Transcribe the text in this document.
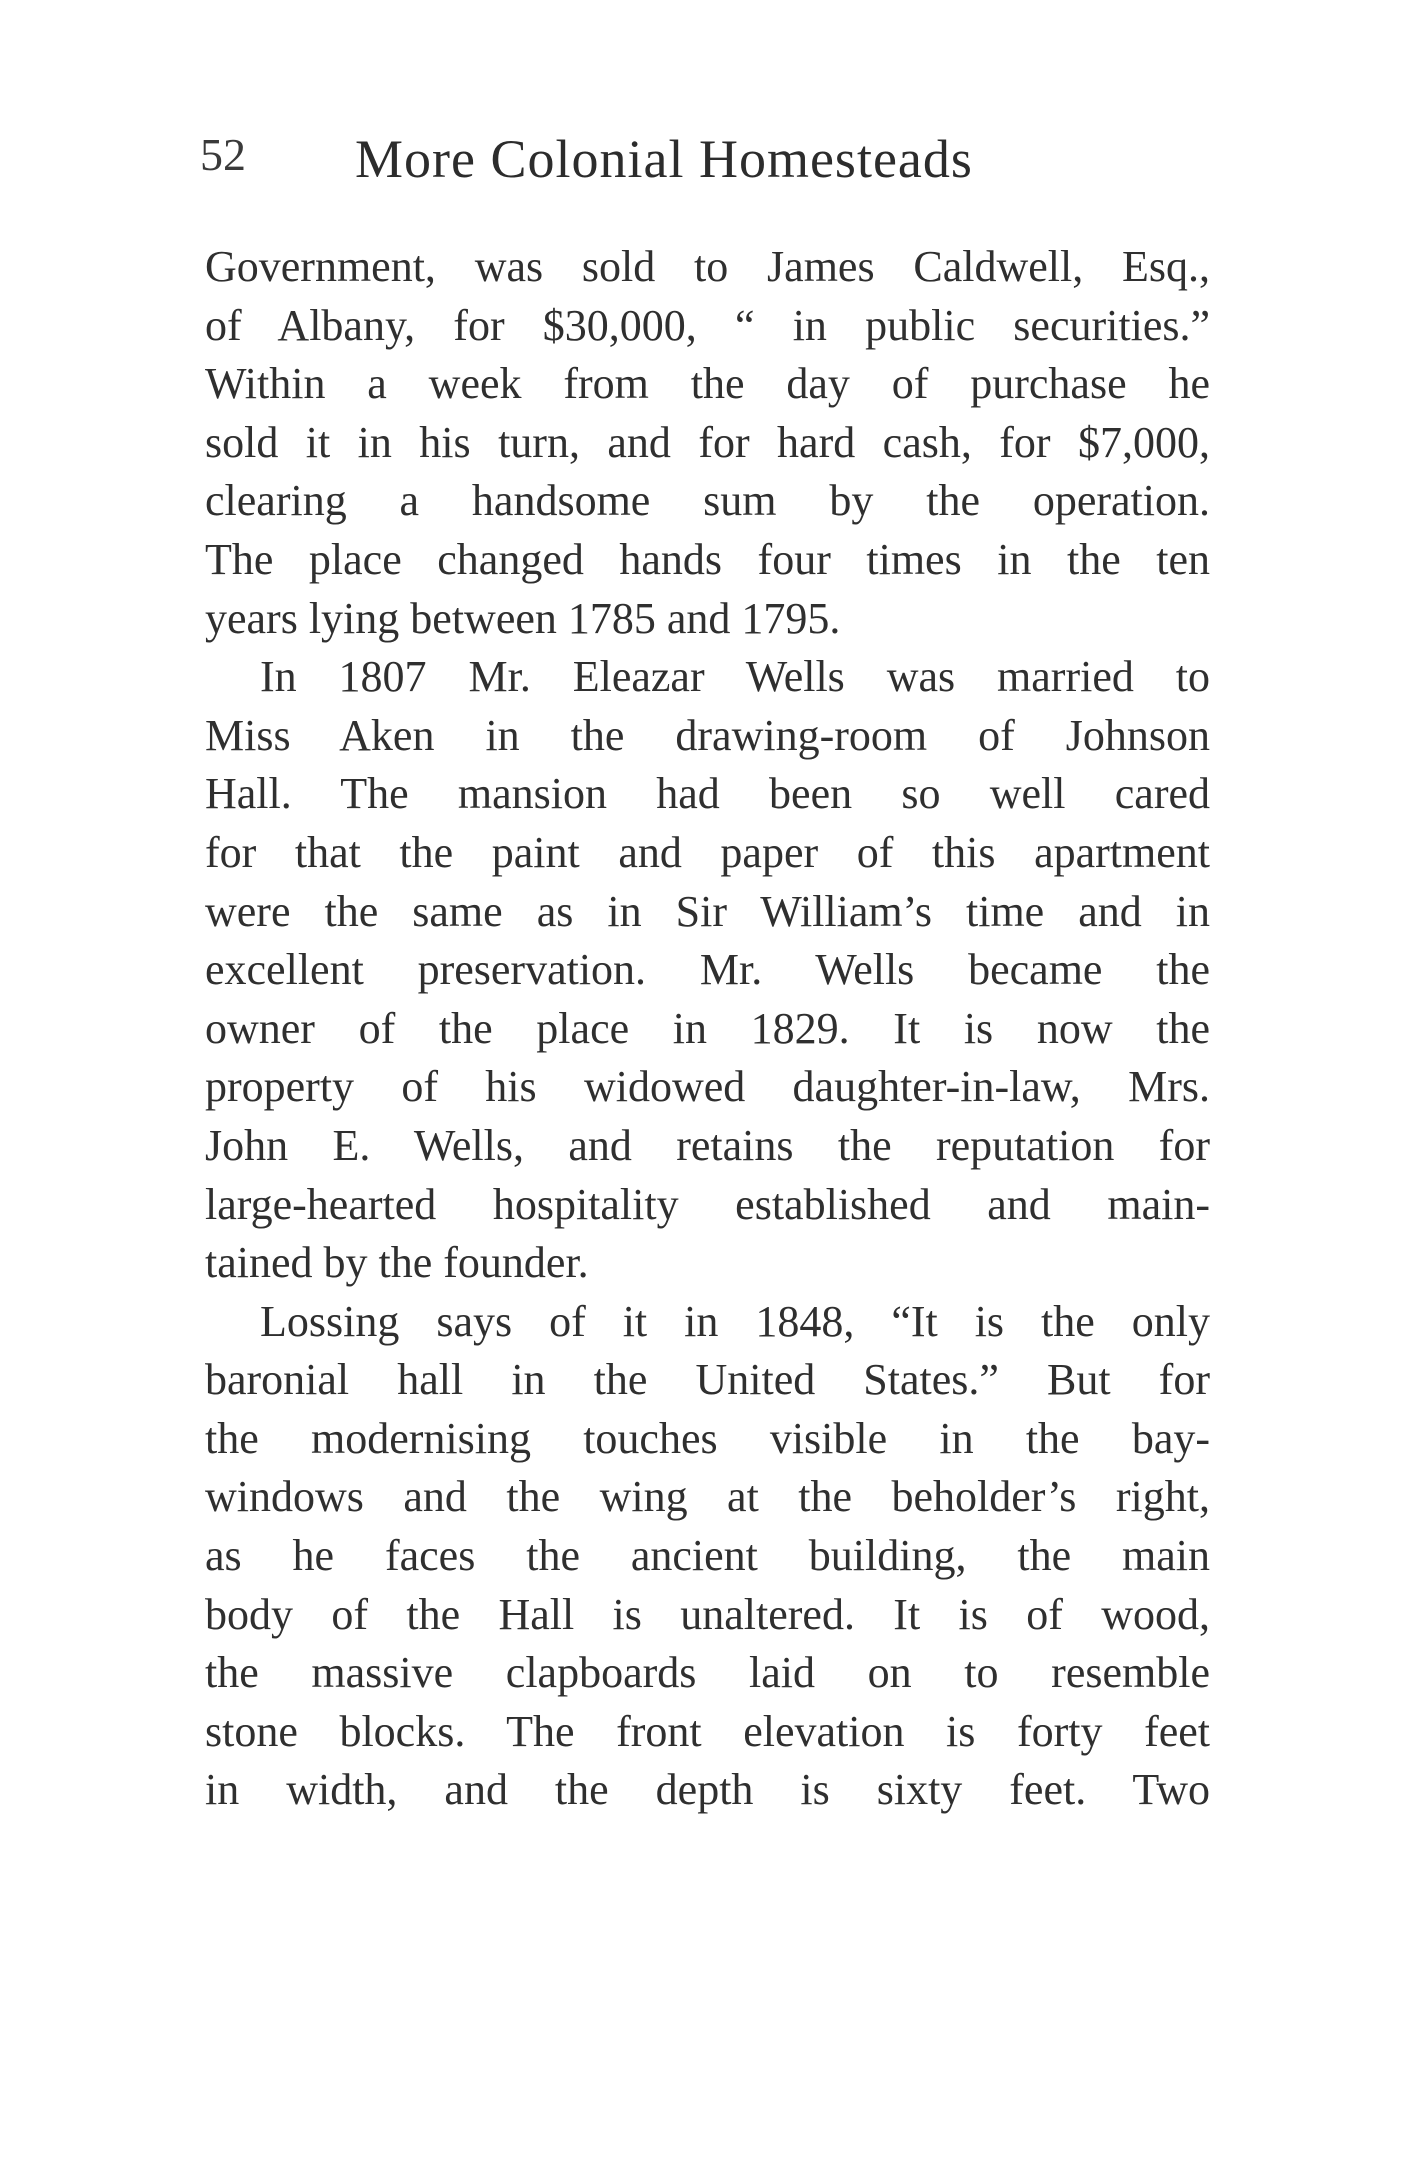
52 More Colonial Homesteads
Government, was sold to James Caldwell, Esq.,
of Albany, for $30,000, “ in public securities.”
Within a week from the day of purchase he
sold it in his turn, and for hard cash, for $7,000,
clearing a handsome sum by the operation.
The place changed hands four times in the ten
years lying between 1785 and 1795.
In 1807 Mr. Eleazar Wells was married to
Miss Aken in the drawing-room of Johnson
Hall. The mansion had been so well cared
for that the paint and paper of this apartment
were the same as in Sir William’s time and in
excellent preservation. Mr. Wells became the
owner of the place in 1829. It is now the
property of his widowed daughter-in-law, Mrs.
John E. Wells, and retains the reputation for
large-hearted hospitality established and main-
tained by the founder.
Lossing says of it in 1848, “It is the only
baronial hall in the United States.” But for
the modernising touches visible in the bay-
windows and the wing at the beholder’s right,
as he faces the ancient building, the main
body of the Hall is unaltered. It is of wood,
the massive clapboards laid on to resemble
stone blocks. The front elevation is forty feet
in width, and the depth is sixty feet. Two
